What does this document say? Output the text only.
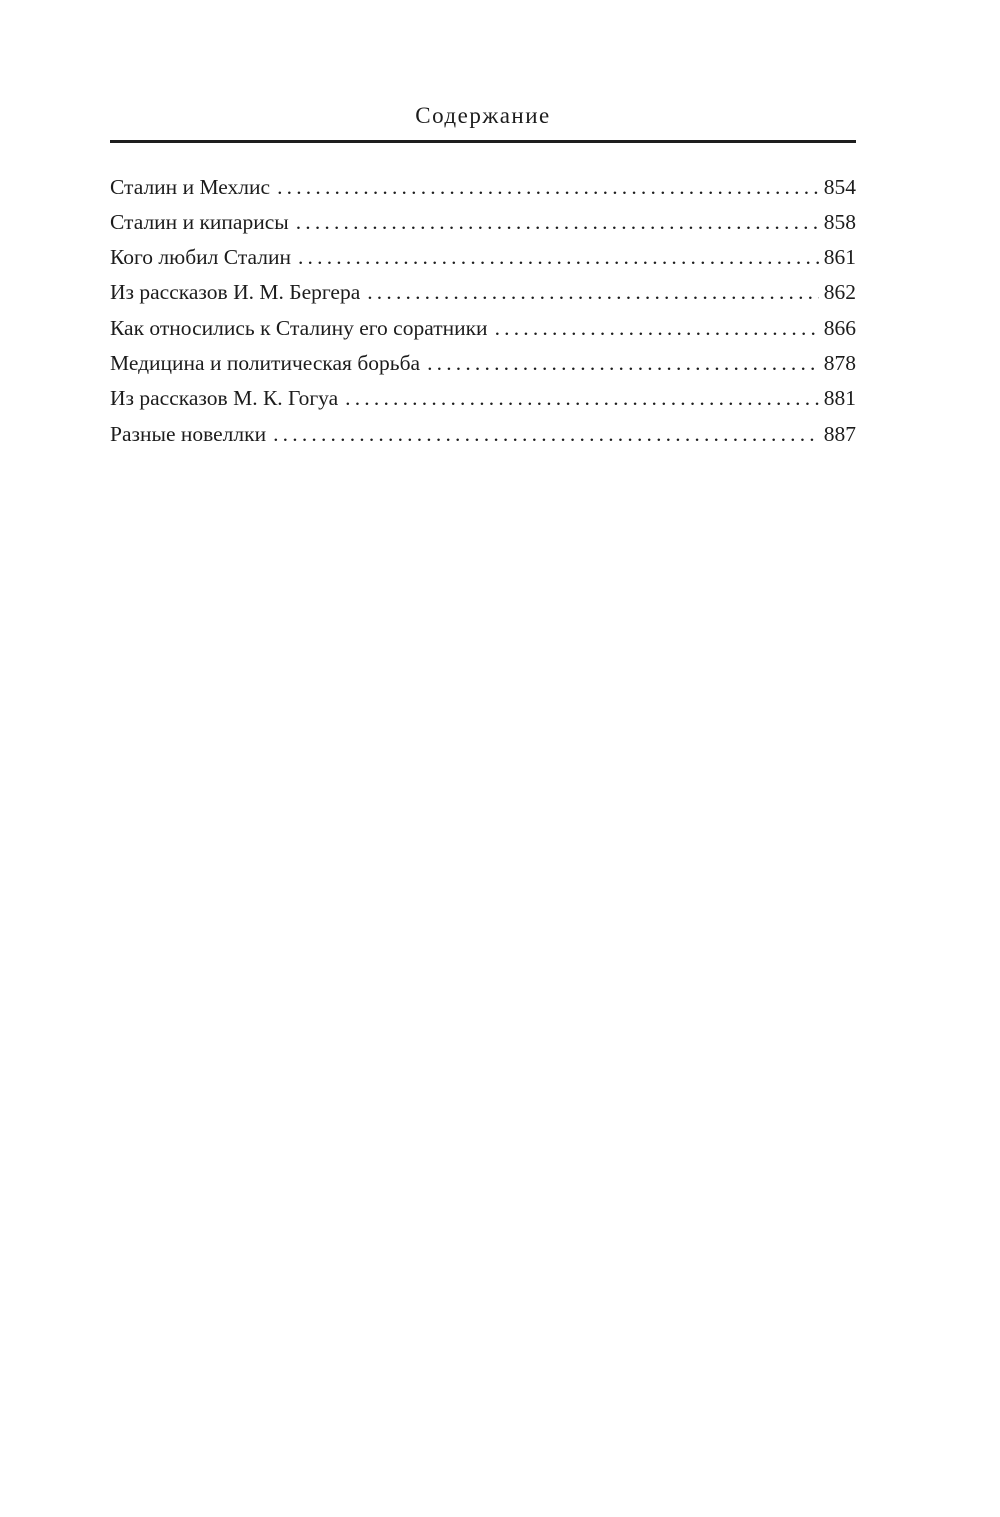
Содержание
Сталин и Мехлис .....	854
Сталин и кипарисы .....	858
Кого любил Сталин .....	861
Из рассказов И. М. Бергера .....	862
Как относились к Сталину его соратники .....	866
Медицина и политическая борьба .....	878
Из рассказов М. К. Гогуа .....	881
Разные новеллки .....	887
